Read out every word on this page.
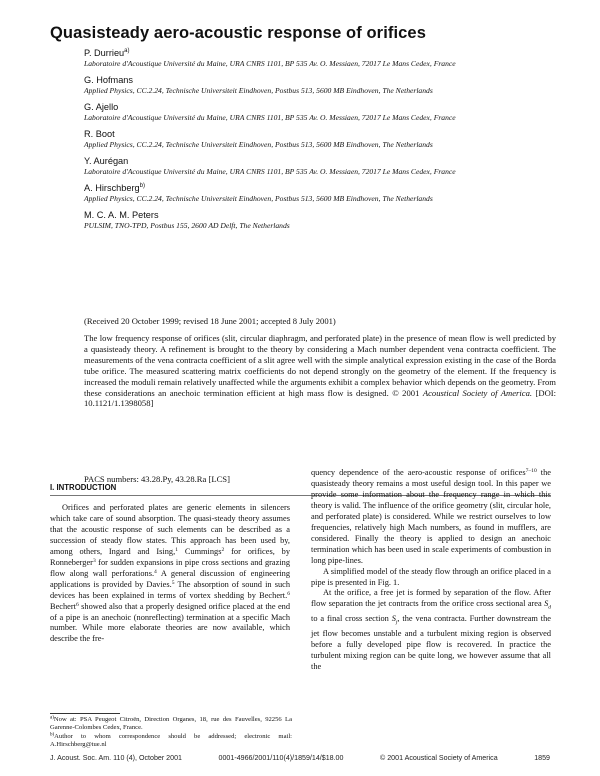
Quasisteady aero-acoustic response of orifices
P. Durrieu$^{a)}$
Laboratoire d'Acoustique Université du Maine, URA CNRS 1101, BP 535 Av. O. Messiaen, 72017 Le Mans Cedex, France
G. Hofmans
Applied Physics, CC.2.24, Technische Universiteit Eindhoven, Postbus 513, 5600 MB Eindhoven, The Netherlands
G. Ajello
Laboratoire d'Acoustique Université du Maine, URA CNRS 1101, BP 535 Av. O. Messiaen, 72017 Le Mans Cedex, France
R. Boot
Applied Physics, CC.2.24, Technische Universiteit Eindhoven, Postbus 513, 5600 MB Eindhoven, The Netherlands
Y. Aurégan
Laboratoire d'Acoustique Université du Maine, URA CNRS 1101, BP 535 Av. O. Messiaen, 72017 Le Mans Cedex, France
A. Hirschberg$^{b)}$
Applied Physics, CC.2.24, Technische Universiteit Eindhoven, Postbus 513, 5600 MB Eindhoven, The Netherlands
M. C. A. M. Peters
PULSIM, TNO-TPD, Postbus 155, 2600 AD Delft, The Netherlands
(Received 20 October 1999; revised 18 June 2001; accepted 8 July 2001)
The low frequency response of orifices (slit, circular diaphragm, and perforated plate) in the presence of mean flow is well predicted by a quasisteady theory. A refinement is brought to the theory by considering a Mach number dependent vena contracta coefficient. The measurements of the vena contracta coefficient of a slit agree well with the simple analytical expression existing in the case of the Borda tube orifice. The measured scattering matrix coefficients do not depend strongly on the geometry of the element. If the frequency is increased the moduli remain relatively unaffected while the arguments exhibit a complex behavior which depends on the geometry. From these considerations an anechoic termination efficient at high mass flow is designed. © 2001 Acoustical Society of America. [DOI: 10.1121/1.1398058]
PACS numbers: 43.28.Py, 43.28.Ra [LCS]
I. INTRODUCTION

Orifices and perforated plates are generic elements in silencers which take care of sound absorption. The quasi-steady theory assumes that the acoustic response of such elements can be described as a succession of steady flow states. This approach has been used by, among others, Ingard and Ising,$^1$ Cummings$^2$ for orifices, by Ronneberger$^3$ for sudden expansions in pipe cross sections and grazing flow along wall perforations.$^4$ A general discussion of engineering applications is provided by Davies.$^5$ The absorption of sound in such devices has been explained in terms of vortex shedding by Bechert.$^6$ Bechert$^6$ showed also that a properly designed orifice placed at the end of a pipe is an anechoic (nonreflecting) termination at a specific Mach number. While more elaborate theories are now available, which describe the fre-

quency dependence of the aero-acoustic response of orifices$^{7-10}$ the quasisteady theory remains a most useful design tool. In this paper we provide some information about the frequency range in which this theory is valid. The influence of the orifice geometry (slit, circular hole, and perforated plate) is considered. While we restrict ourselves to low frequencies, relatively high Mach numbers, as found in mufflers, are considered. Finally the theory is applied to design an anechoic termination which has been used in scale experiments of combustion in long pipe-lines.

A simplified model of the steady flow through an orifice placed in a pipe is presented in Fig. 1.

At the orifice, a free jet is formed by separation of the flow. After flow separation the jet contracts from the orifice cross sectional area $S_d$ to a final cross section $S_j$, the vena contracta. Further downstream the jet flow becomes unstable and a turbulent mixing region is observed before a fully developed pipe flow is recovered. In practice the turbulent mixing region can be quite long, we however assume that all the

$^{a)}$Now at: PSA Peugeot Citroën, Direction Organes, 18, rue des Fauvelles, 92256 La Garenne-Colombes Cedex, France.

$^{b)}$Author to whom correspondence should be addressed; electronic mail: A.Hirschberg@tue.nl

J. Acoust. Soc. Am. 110 (4), October 2001	0001-4966/2001/110(4)/1859/14/$18.00	© 2001 Acoustical Society of America	1859
